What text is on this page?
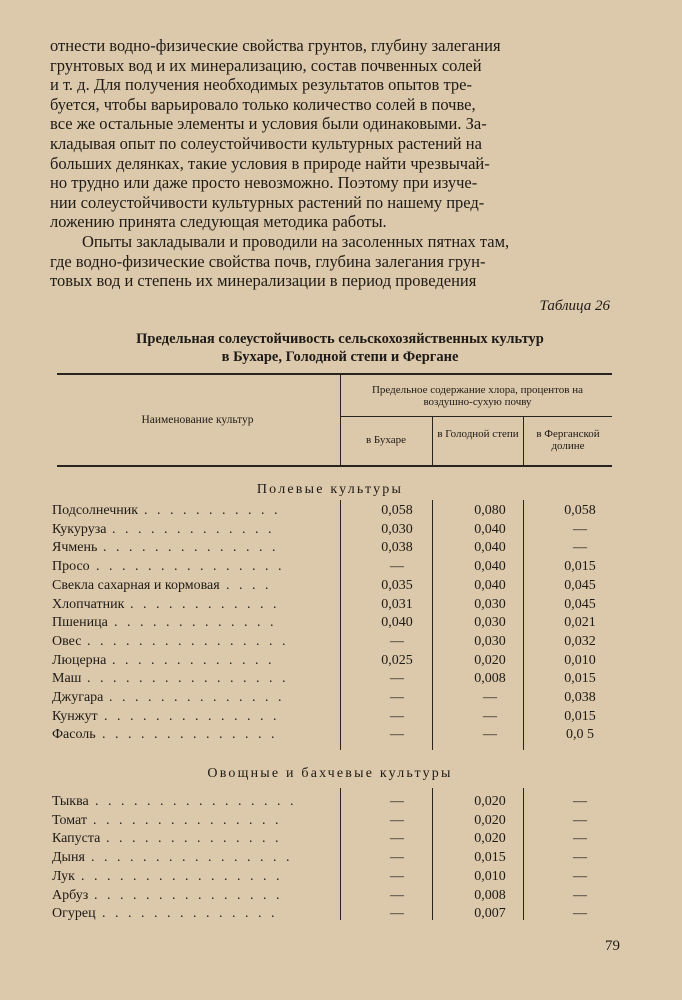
отнести водно-физические свойства грунтов, глубину залегания
грунтовых вод и их минерализацию, состав почвенных солей
и т. д. Для получения необходимых результатов опытов тре-
буется, чтобы варьировало только количество солей в почве,
все же остальные элементы и условия были одинаковыми. За-
кладывая опыт по солеустойчивости культурных растений на
больших делянках, такие условия в природе найти чрезвычай-
но трудно или даже просто невозможно. Поэтому при изуче-
нии солеустойчивости культурных растений по нашему пред-
ложению принята следующая методика работы.
Опыты закладывали и проводили на засоленных пятнах там,
где водно-физические свойства почв, глубина залегания грун-
товых вод и степень их минерализации в период проведения
Таблица 26
Предельная солеустойчивость сельскохозяйственных культур
в Бухаре, Голодной степи и Фергане
Наименование культур
Предельное содержание хлора, процентов на воздушно-сухую почву
в Бухаре	в Голодной степи	в Ферганской долине
Полевые культуры
Овощные и бахчевые культуры
Подсолнечник . . . . . . . . . . .	0,058	0,080	0,058
Кукуруза . . . . . . . . . . . . .	0,030	0,040	—
Ячмень . . . . . . . . . . . . . .	0,038	0,040	—
Просо . . . . . . . . . . . . . . .	—	0,040	0,015
Свекла сахарная и кормовая . . . .	0,035	0,040	0,045
Хлопчатник . . . . . . . . . . . .	0,031	0,030	0,045
Пшеница . . . . . . . . . . . . .	0,040	0,030	0,021
Овес . . . . . . . . . . . . . . . .	—	0,030	0,032
Люцерна . . . . . . . . . . . . .	0,025	0,020	0,010
Маш . . . . . . . . . . . . . . . .	—	0,008	0,015
Джугара . . . . . . . . . . . . . .	—	—	0,038
Кунжут . . . . . . . . . . . . . .	—	—	0,015
Фасоль . . . . . . . . . . . . . .	—	—	0,0 5
Тыква . . . . . . . . . . . . . . . .	—	0,020	—
Томат . . . . . . . . . . . . . . .	—	0,020	—
Капуста . . . . . . . . . . . . . .	—	0,020	—
Дыня . . . . . . . . . . . . . . . .	—	0,015	—
Лук . . . . . . . . . . . . . . . .	—	0,010	—
Арбуз . . . . . . . . . . . . . . .	—	0,008	—
Огурец . . . . . . . . . . . . . .	—	0,007	—
79
